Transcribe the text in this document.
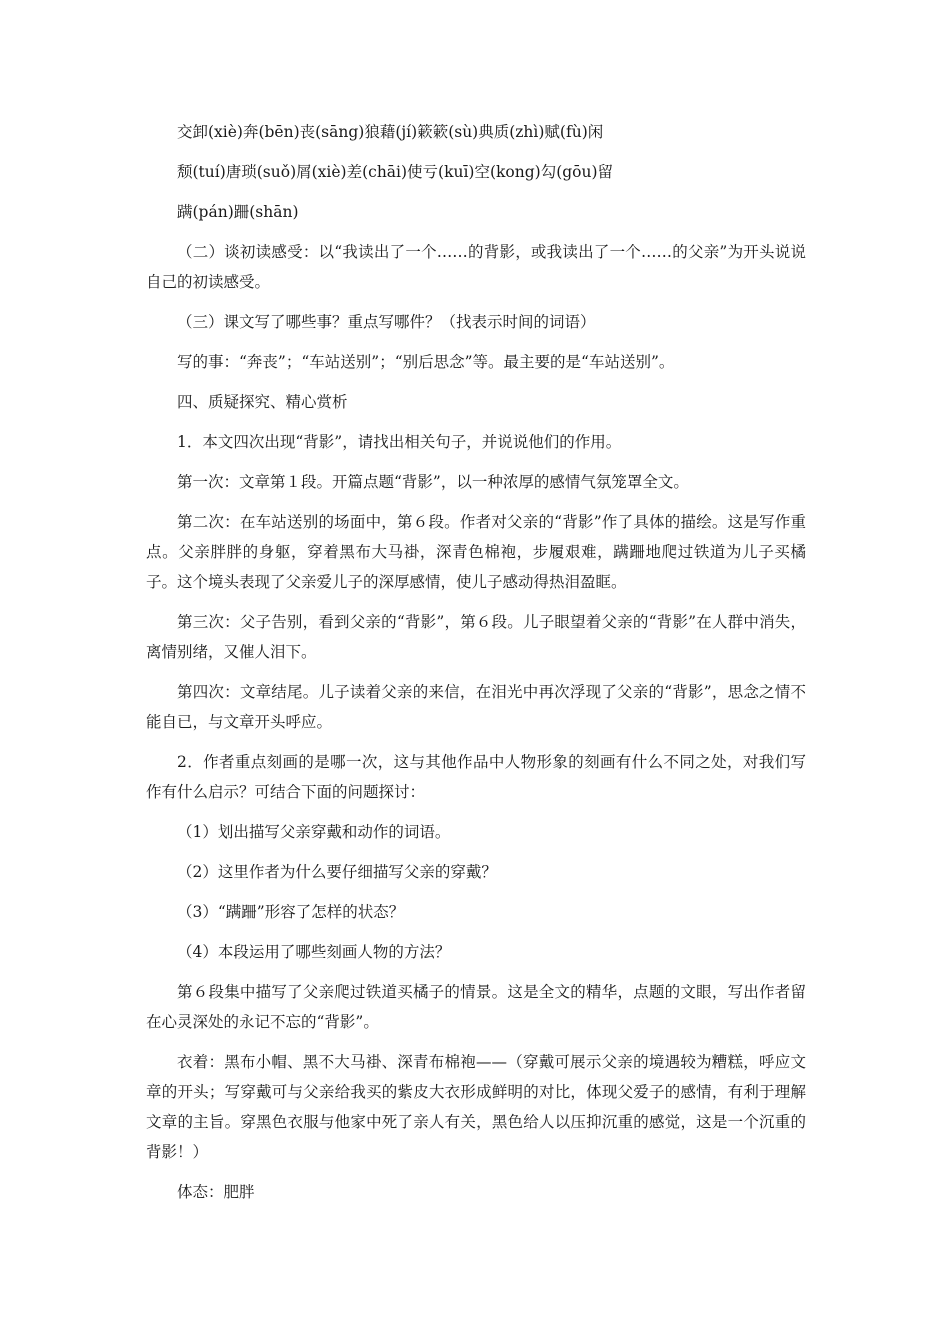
交卸(xiè)奔(bēn)丧(sāng)狼藉(jí)簌簌(sù)典质(zhì)赋(fù)闲

颓(tuí)唐琐(suǒ)屑(xiè)差(chāi)使亏(kuī)空(kong)勾(gōu)留

蹒(pán)跚(shān)

（二）谈初读感受：以“我读出了一个……的背影，或我读出了一个……的父亲”为开头说说自己的初读感受。

（三）课文写了哪些事？重点写哪件？（找表示时间的词语）

写的事：“奔丧”；“车站送别”；“别后思念”等。最主要的是“车站送别”。

四、质疑探究、精心赏析

1．本文四次出现“背影”，请找出相关句子，并说说他们的作用。

第一次：文章第１段。开篇点题“背影”，以一种浓厚的感情气氛笼罩全文。

第二次：在车站送别的场面中，第６段。作者对父亲的“背影”作了具体的描绘。这是写作重点。父亲胖胖的身躯，穿着黑布大马褂，深青色棉袍，步履艰难，蹒跚地爬过铁道为儿子买橘子。这个境头表现了父亲爱儿子的深厚感情，使儿子感动得热泪盈眶。

第三次：父子告别，看到父亲的“背影”，第６段。儿子眼望着父亲的“背影”在人群中消失，离情别绪，又催人泪下。

第四次：文章结尾。儿子读着父亲的来信，在泪光中再次浮现了父亲的“背影”，思念之情不能自已，与文章开头呼应。

2．作者重点刻画的是哪一次，这与其他作品中人物形象的刻画有什么不同之处，对我们写作有什么启示？可结合下面的问题探讨：

（1）划出描写父亲穿戴和动作的词语。

（2）这里作者为什么要仔细描写父亲的穿戴？

（3）“蹒跚”形容了怎样的状态？

（4）本段运用了哪些刻画人物的方法？

第６段集中描写了父亲爬过铁道买橘子的情景。这是全文的精华，点题的文眼，写出作者留在心灵深处的永记不忘的“背影”。

衣着：黑布小帽、黑不大马褂、深青布棉袍——（穿戴可展示父亲的境遇较为糟糕，呼应文章的开头；写穿戴可与父亲给我买的紫皮大衣形成鲜明的对比，体现父爱子的感情，有利于理解文章的主旨。穿黑色衣服与他家中死了亲人有关，黑色给人以压抑沉重的感觉，这是一个沉重的背影！）

体态：肥胖
